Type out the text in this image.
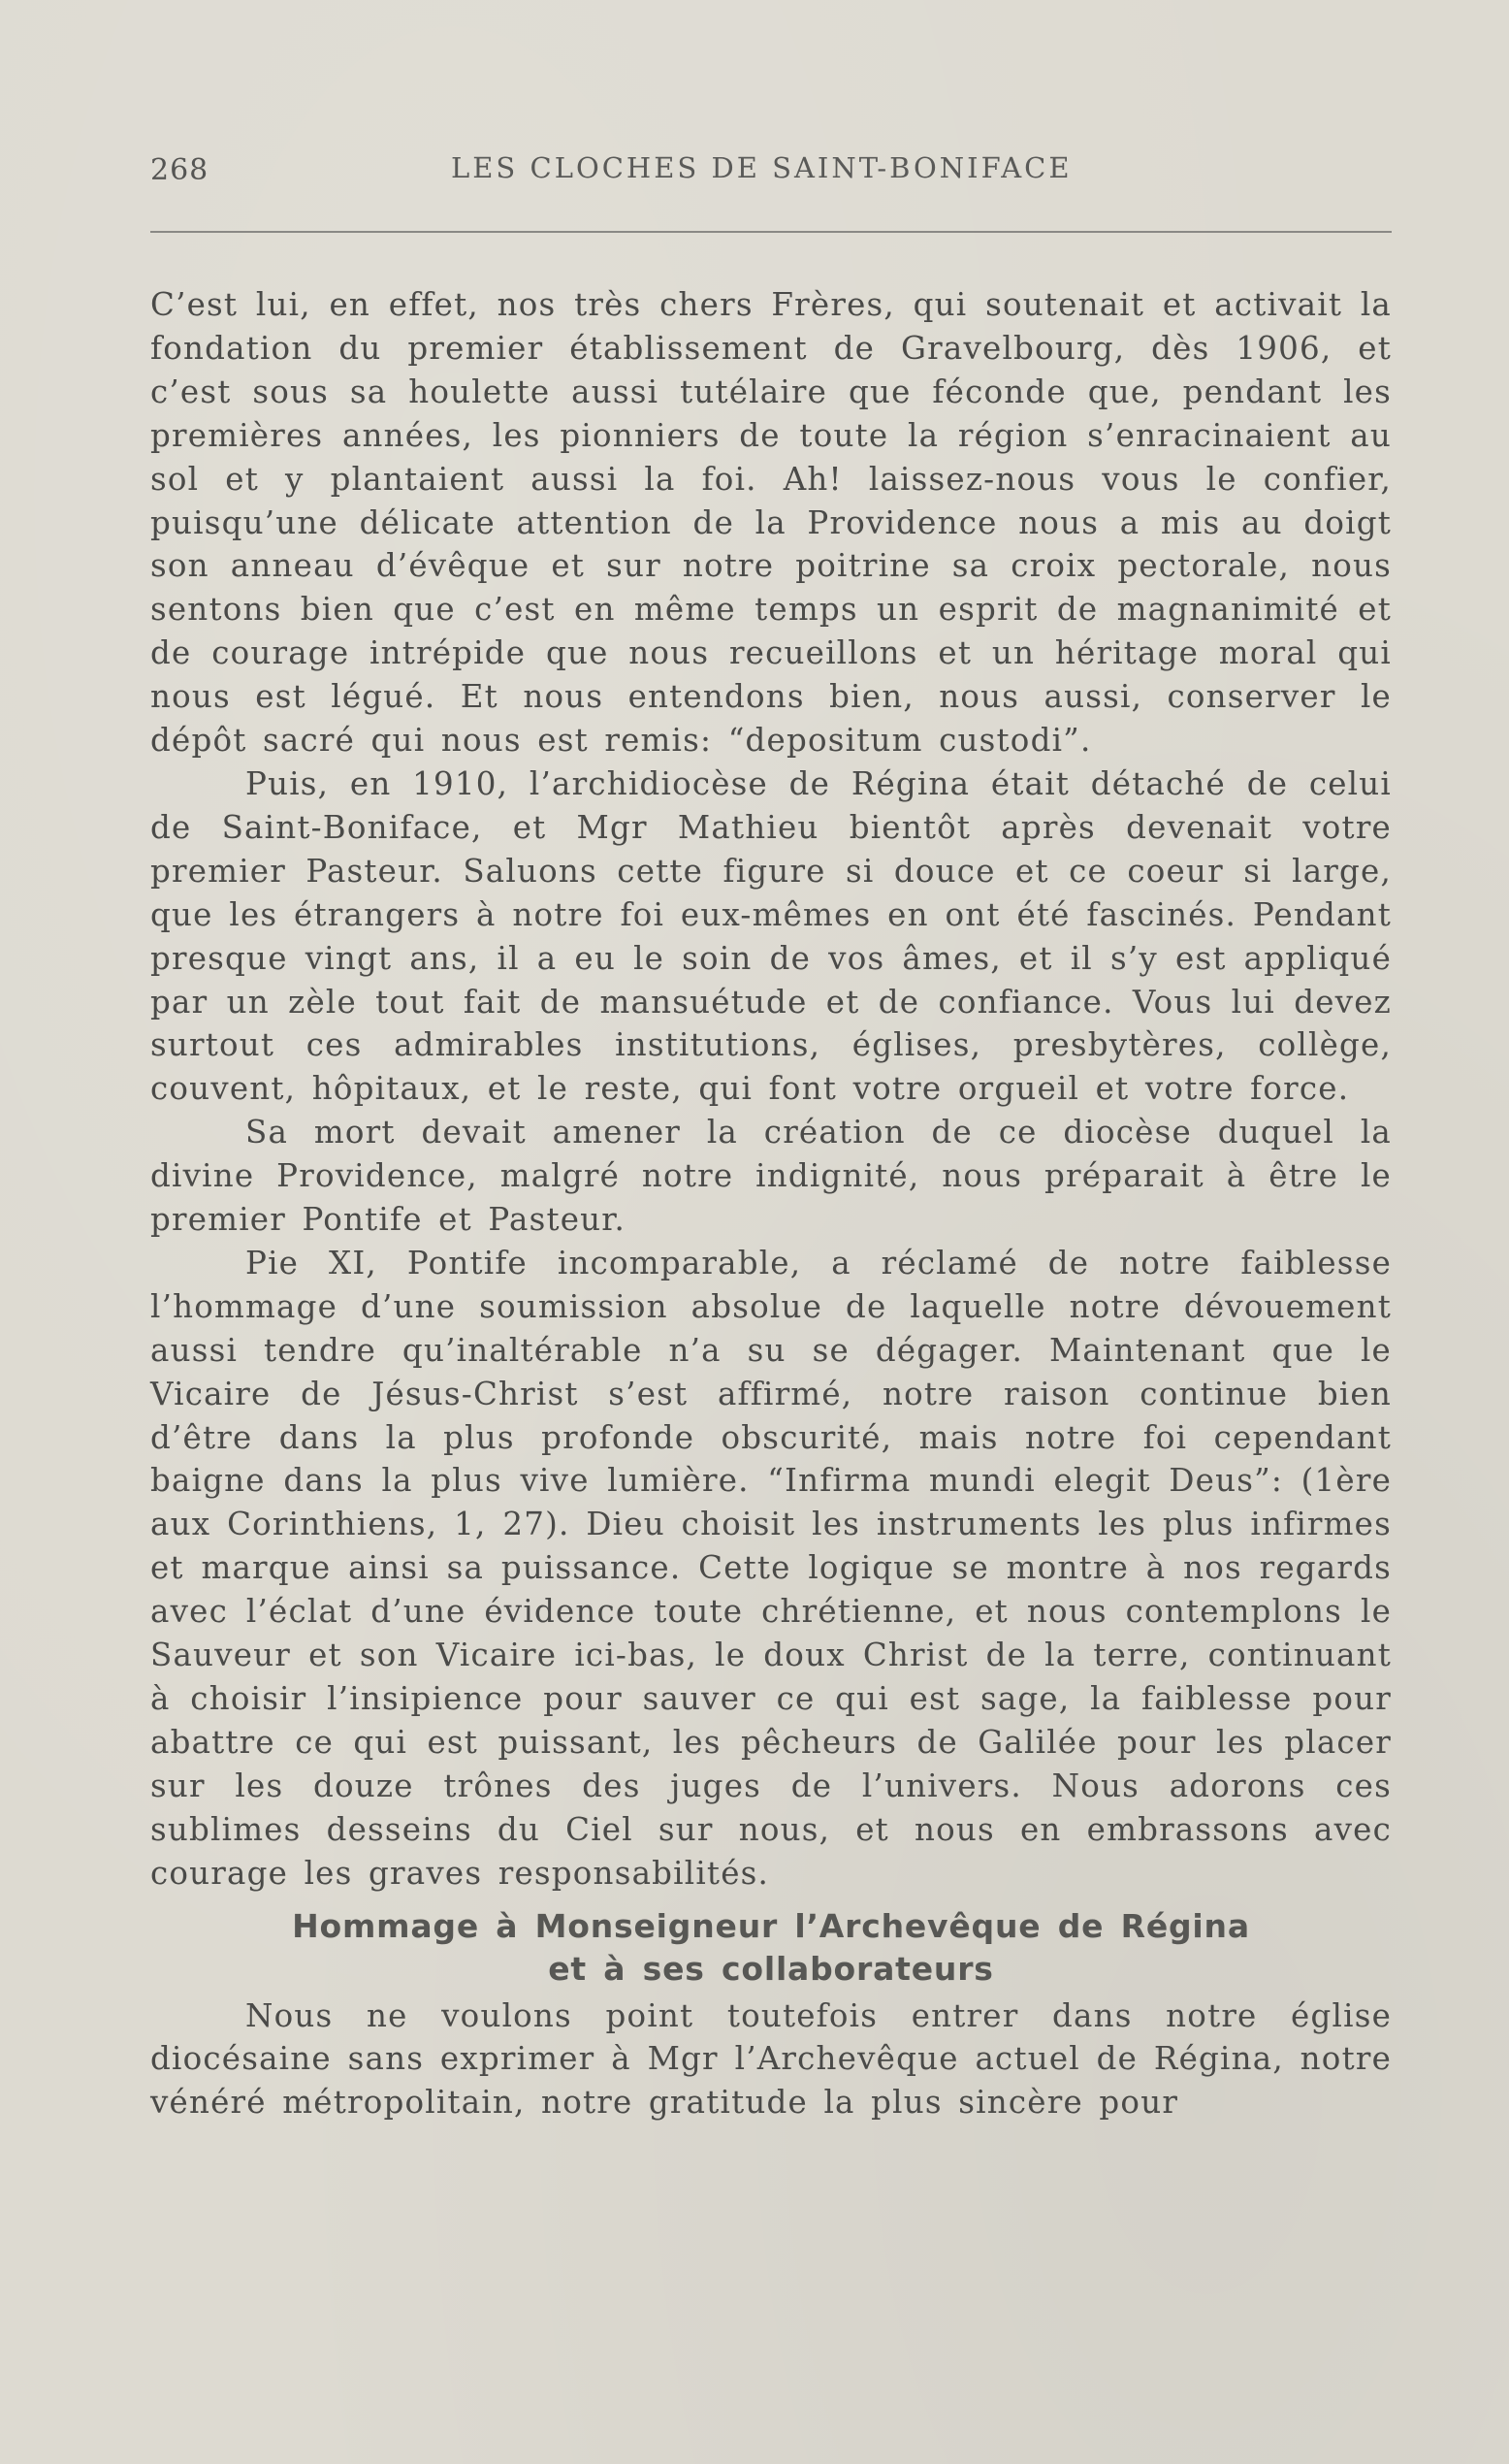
268	LES CLOCHES DE SAINT-BONIFACE

C’est lui, en effet, nos très chers Frères, qui soutenait et activait la fondation du premier établissement de Gravelbourg, dès 1906, et c’est sous sa houlette aussi tutélaire que féconde que, pendant les premières années, les pionniers de toute la région s’enracinaient au sol et y plantaient aussi la foi. Ah! laissez-nous vous le confier, puisqu’une délicate attention de la Providence nous a mis au doigt son anneau d’évêque et sur notre poitrine sa croix pectorale, nous sentons bien que c’est en même temps un esprit de magnanimité et de courage intrépide que nous recueillons et un héritage moral qui nous est légué. Et nous entendons bien, nous aussi, conserver le dépôt sacré qui nous est remis: “depositum custodi”.

Puis, en 1910, l’archidiocèse de Régina était détaché de celui de Saint-Boniface, et Mgr Mathieu bientôt après devenait votre premier Pasteur. Saluons cette figure si douce et ce coeur si large, que les étrangers à notre foi eux-mêmes en ont été fascinés. Pendant presque vingt ans, il a eu le soin de vos âmes, et il s’y est appliqué par un zèle tout fait de mansuétude et de confiance. Vous lui devez surtout ces admirables institutions, églises, presbytères, collège, couvent, hôpitaux, et le reste, qui font votre orgueil et votre force.

Sa mort devait amener la création de ce diocèse duquel la divine Providence, malgré notre indignité, nous préparait à être le premier Pontife et Pasteur.

Pie XI, Pontife incomparable, a réclamé de notre faiblesse l’hommage d’une soumission absolue de laquelle notre dévouement aussi tendre qu’inaltérable n’a su se dégager. Maintenant que le Vicaire de Jésus-Christ s’est affirmé, notre raison continue bien d’être dans la plus profonde obscurité, mais notre foi cependant baigne dans la plus vive lumière. “Infirma mundi elegit Deus”: (1ère aux Corinthiens, 1, 27). Dieu choisit les instruments les plus infirmes et marque ainsi sa puissance. Cette logique se montre à nos regards avec l’éclat d’une évidence toute chrétienne, et nous contemplons le Sauveur et son Vicaire ici-bas, le doux Christ de la terre, continuant à choisir l’insipience pour sauver ce qui est sage, la faiblesse pour abattre ce qui est puissant, les pêcheurs de Galilée pour les placer sur les douze trônes des juges de l’univers. Nous adorons ces sublimes desseins du Ciel sur nous, et nous en embrassons avec courage les graves responsabilités.

Hommage à Monseigneur l’Archevêque de Régina
et à ses collaborateurs

Nous ne voulons point toutefois entrer dans notre église diocésaine sans exprimer à Mgr l’Archevêque actuel de Régina, notre vénéré métropolitain, notre gratitude la plus sincère pour
